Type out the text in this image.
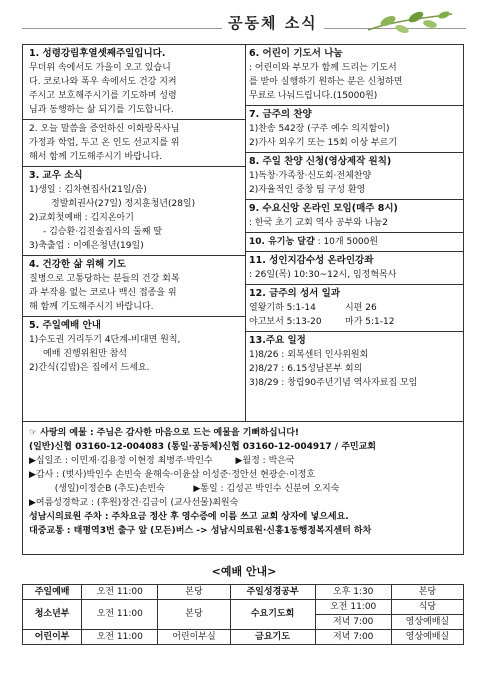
공동체 소식
1. 성령강림후열셋째주일입니다.

무더위 속에서도 가을이 오고 있습니

다. 코로나와 폭우 속에서도 건강 지켜

주시고 보호해주시기를 기도하며 성령

님과 동행하는 삶 되기를 기도합니다.

2. 오늘 말씀을 증언하신 이화랑목사님

가정과 학업, 두고 온 인도 선교지를 위

해서 함께 기도해주시기 바랍니다.

3. 교우 소식

1)생일 : 김차현집사(21일/음)

정발희권사(27일) 정지훈청년(28일)

2)교회첫예배 : 김지온아기

- 김승환·김진솔집사의 둘째 딸

3)축출업 : 이예은청년(19일)

4. 건강한 삶 위해 기도

질병으로 고통당하는 분들의 건강 회복

과 부작용 없는 코로나 백신 접종을 위

해 함께 기도해주시기 바랍니다.

5. 주일예배 안내

1)수도권 거리두기 4단계-비대면 원칙,

예배 진행위원만 참석

2)간식(김밥)은 집에서 드세요.

6. 어린이 기도서 나눔

: 어린이와 부모가 함께 드리는 기도서

를 받아 실행하기 원하는 분은 신청하면

무료로 나눠드립니다.(15000원)

7. 금주의 찬양

1)찬송 542장 (구주 예수 의지함이)

2)가사 외우기 또는 15회 이상 부르기

8. 주일 찬양 신청(영상제작 원칙)

1)독창·가족창·신도회·전체찬양

2)자율적인 중창 팀 구성 환영

9. 수요신앙 온라인 모임(매주 8시)

: 한국 초기 교회 역사 공부와 나눔2

10. 유기농 달걀 : 10개 5000원

11. 성인지감수성 온라인강좌

: 26일(목) 10:30~12시, 임정혁목사

12. 금주의 성서 일과

열왕기하 5:1-14	시편 26

야고보서 5:13-20	마가 5:1-12

13.주요 일정

1)8/26 : 외복센터 인사위원회

2)8/27 : 6.15성남본부 회의

3)8/29 : 창립90주년기념 역사자료집 모임

☞ 사랑의 예물 : 주님은 감사한 마음으로 드는 예물을 기뻐하십니다!

(일반)신협 03160-12-004083 (통일·공동체)신협 03160-12-004917 / 주민교회

▶십일조 : 이민재·김용정 이현정 최병주·박인수	▶월정 : 박은국

▶감사 : (벗사)박인수 손빈숙 윤해숙·이윤삼 이성준·정안선 현광순·이정호

(생일)이정순B (추도)손빈숙	▶통일 : 김성곤 박인수 신분여 오지숙

▶여름성경학교 : (후원)장건·김금이 (교사선물)최원숙

성남시의료원 주차 : 주차요금 정산 후 영수증에 이름 쓰고 교회 상자에 넣으세요.

대중교통 : 태평역3번 출구 앞 (모든)버스 -> 성남시의료원·신흥1동행정복지센터 하차

<예배 안내>
주일예배	오전 11:00	본당	주일성경공부	오후 1:30	본당
청소년부	오전 11:00	본당	수요기도회	오전 11:00	식당
				저녁 7:00	영상예배실
어린이부	오전 11:00	어린이부실	금요기도	저녁 7:00	영상예배실
